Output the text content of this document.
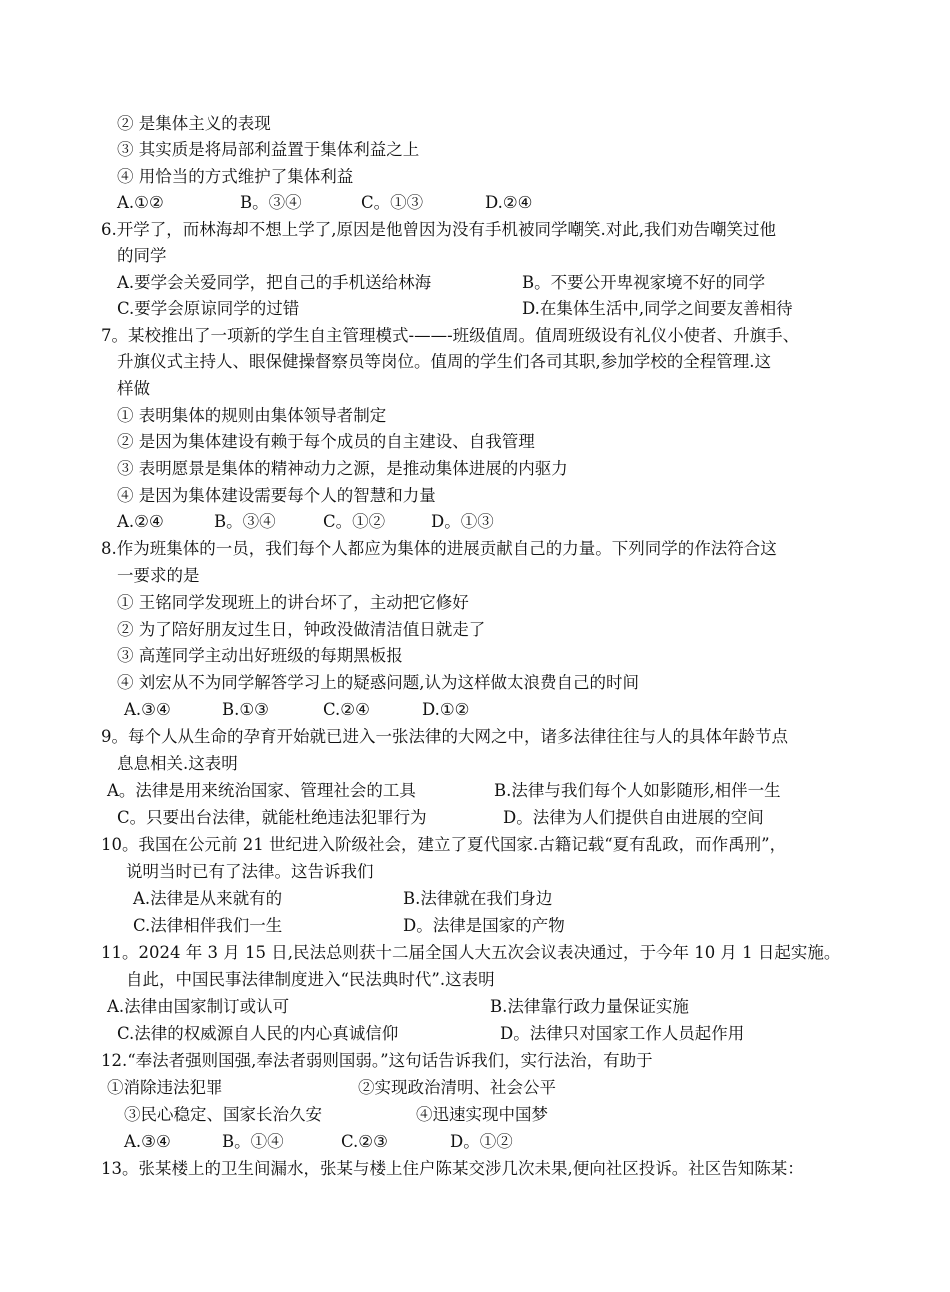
② 是集体主义的表现
③ 其实质是将局部利益置于集体利益之上
④ 用恰当的方式维护了集体利益
A.①②	B。③④	C。①③	D.②④
6.开学了，而林海却不想上学了,原因是他曾因为没有手机被同学嘲笑.对此,我们劝告嘲笑过他
的同学
A.要学会关爱同学，把自己的手机送给林海	B。不要公开卑视家境不好的同学
C.要学会原谅同学的过错	D.在集体生活中,同学之间要友善相待
7。某校推出了一项新的学生自主管理模式-——-班级值周。值周班级设有礼仪小使者、升旗手、
升旗仪式主持人、眼保健操督察员等岗位。值周的学生们各司其职,参加学校的全程管理.这
样做
① 表明集体的规则由集体领导者制定
② 是因为集体建设有赖于每个成员的自主建设、自我管理
③ 表明愿景是集体的精神动力之源，是推动集体进展的内驱力
④ 是因为集体建设需要每个人的智慧和力量
A.②④	B。③④	C。①②	D。①③
8.作为班集体的一员，我们每个人都应为集体的进展贡献自己的力量。下列同学的作法符合这
一要求的是
① 王铭同学发现班上的讲台坏了，主动把它修好
② 为了陪好朋友过生日，钟政没做清洁值日就走了
③ 高莲同学主动出好班级的每期黑板报
④ 刘宏从不为同学解答学习上的疑惑问题,认为这样做太浪费自己的时间
A.③④	B.①③	C.②④	D.①②
9。每个人从生命的孕育开始就已进入一张法律的大网之中，诸多法律往往与人的具体年龄节点
息息相关.这表明
A。法律是用来统治国家、管理社会的工具	B.法律与我们每个人如影随形,相伴一生
C。只要出台法律，就能杜绝违法犯罪行为	D。法律为人们提供自由进展的空间
10。我国在公元前 21 世纪进入阶级社会，建立了夏代国家.古籍记载“夏有乱政，而作禹刑”，
说明当时已有了法律。这告诉我们
A.法律是从来就有的	B.法律就在我们身边
C.法律相伴我们一生	D。法律是国家的产物
11。2024 年 3 月 15 日,民法总则获十二届全国人大五次会议表决通过，于今年 10 月 1 日起实施。
自此，中国民事法律制度进入“民法典时代”.这表明
A.法律由国家制订或认可	B.法律靠行政力量保证实施
C.法律的权威源自人民的内心真诚信仰	D。法律只对国家工作人员起作用
12.“奉法者强则国强,奉法者弱则国弱。”这句话告诉我们，实行法治，有助于
①消除违法犯罪	②实现政治清明、社会公平
③民心稳定、国家长治久安	④迅速实现中国梦
A.③④	B。①④	C.②③	D。①②
13。张某楼上的卫生间漏水，张某与楼上住户陈某交涉几次未果,便向社区投诉。社区告知陈某：
